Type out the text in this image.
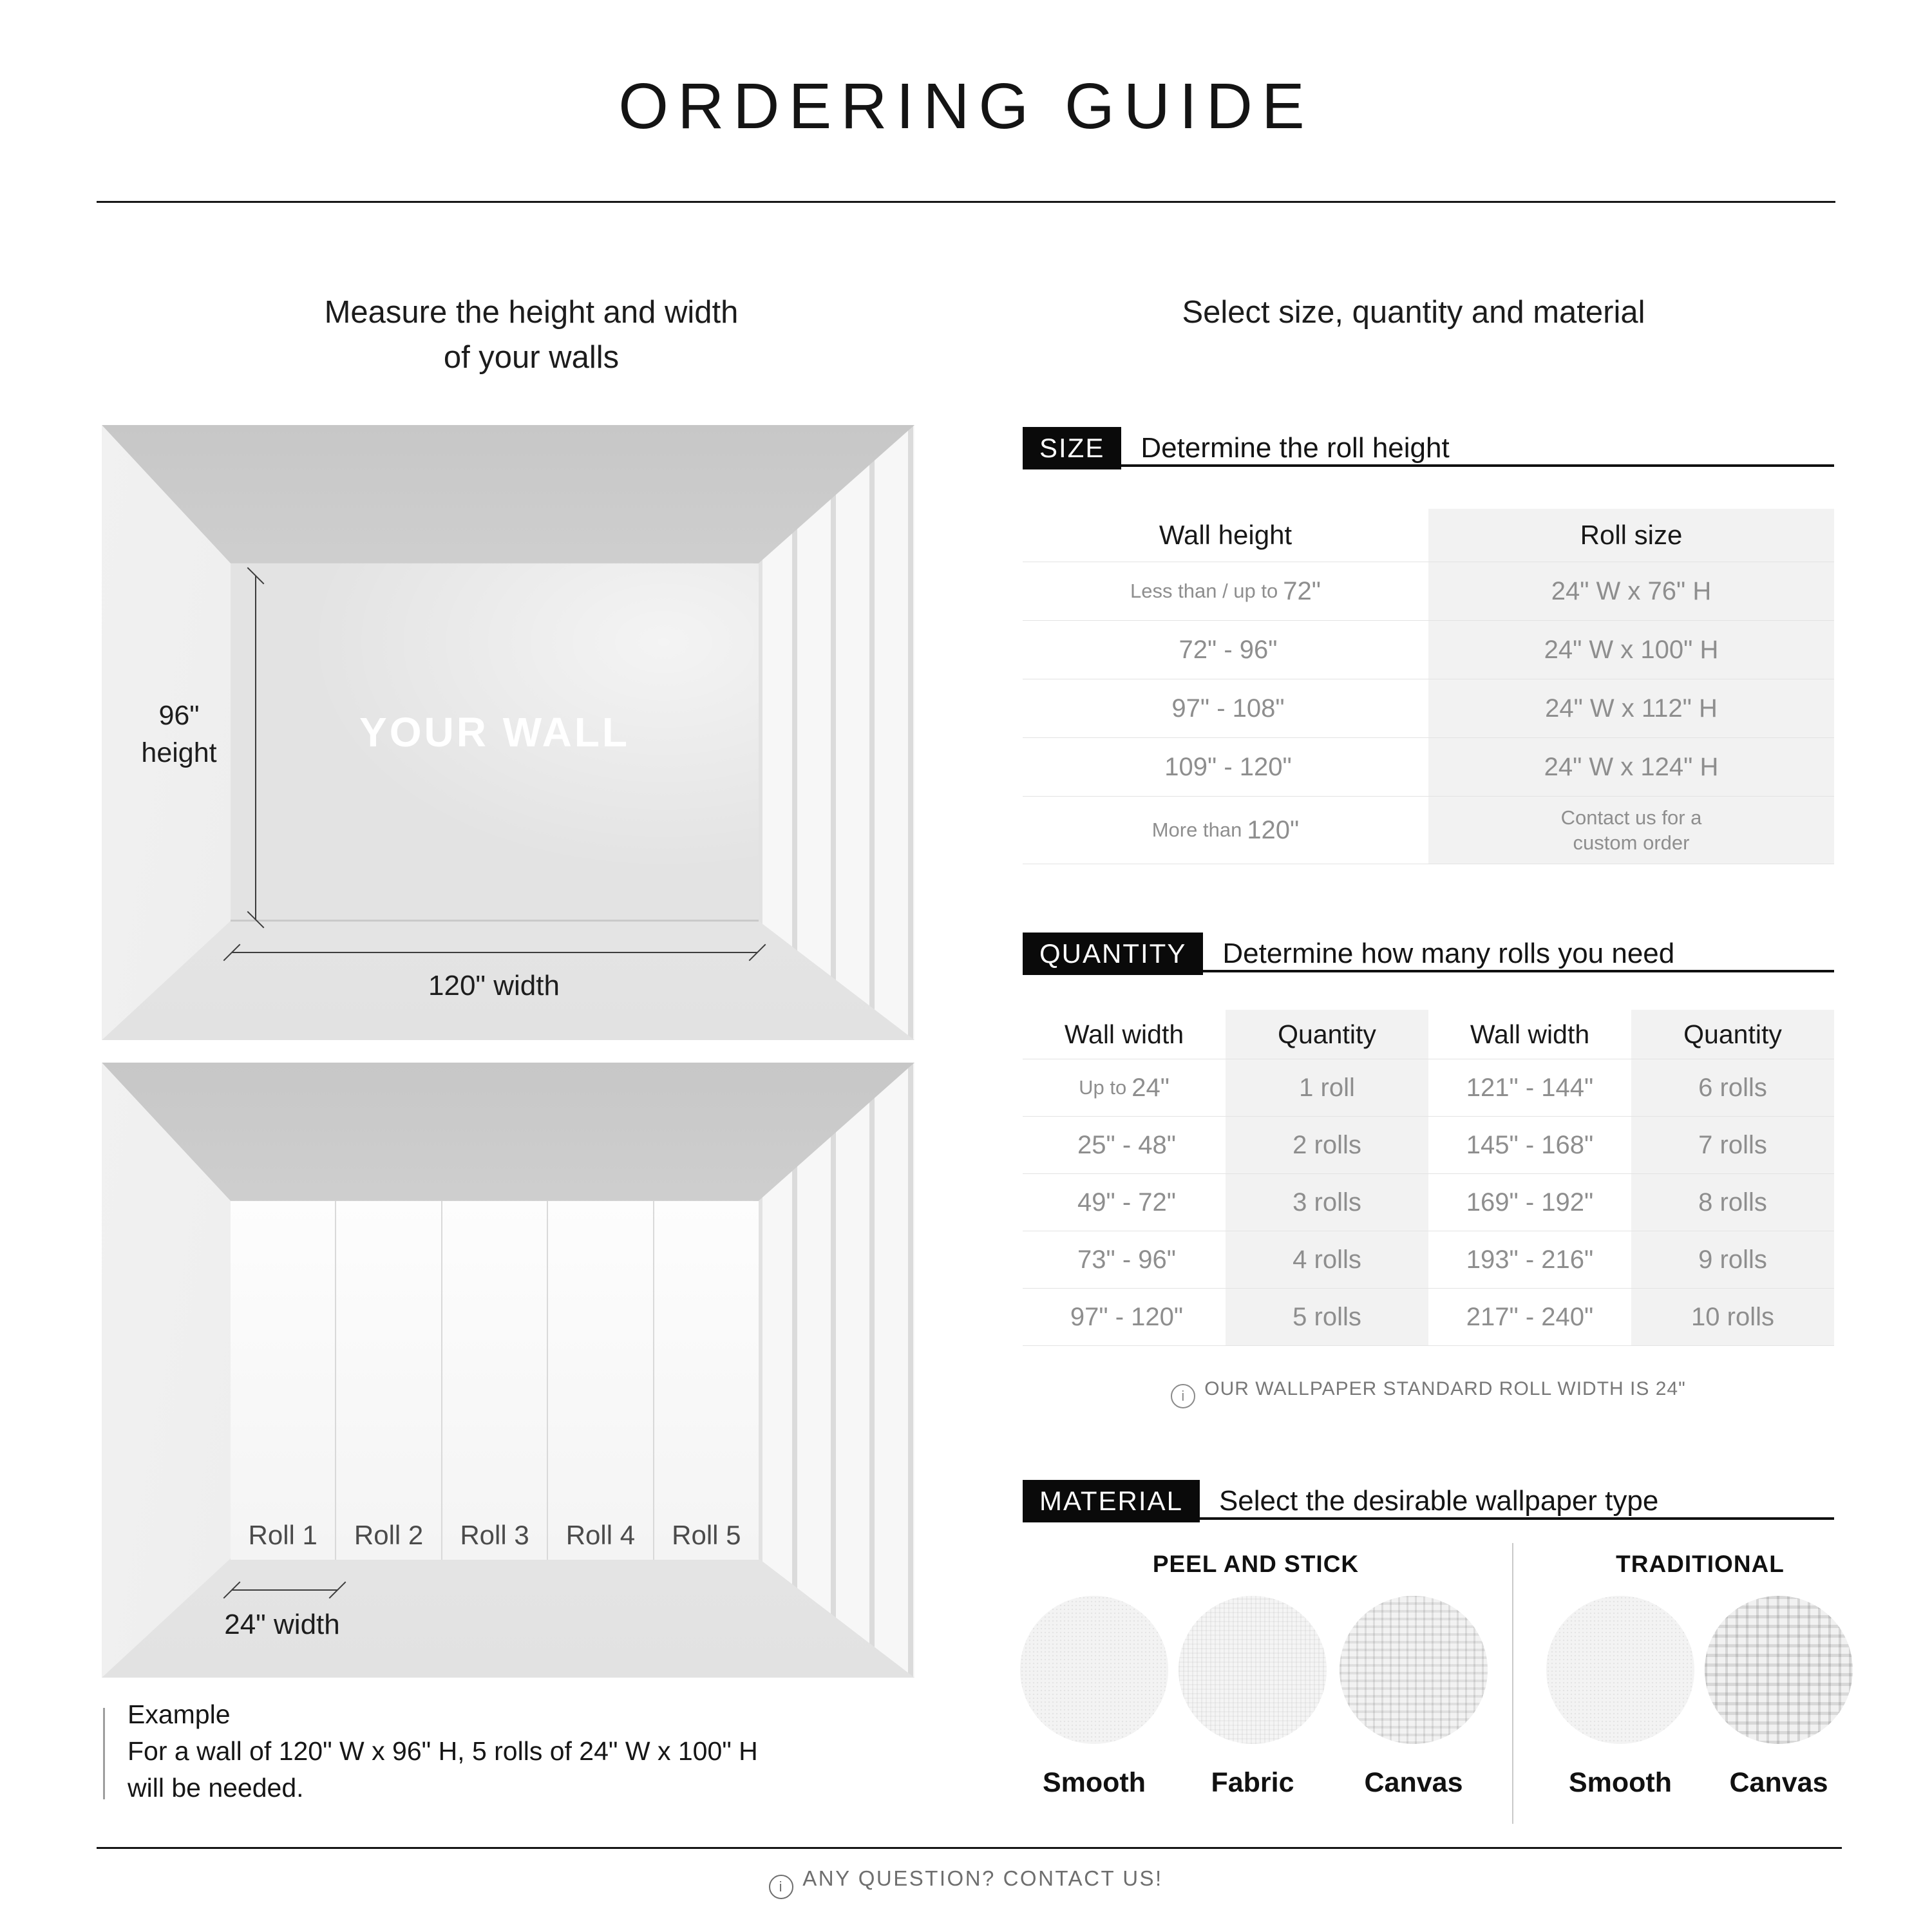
ORDERING GUIDE
Measure the height and width
of your walls
Select size, quantity and material
YOUR WALL
96"
height
120" width
Roll 1	Roll 2	Roll 3	Roll 4	Roll 5
24" width
Example
For a wall of 120" W x 96" H, 5 rolls of 24" W x 100" H
will be needed.
SIZE	Determine the roll height
Wall height	Roll size
Less than / up to 72"	24" W x 76" H
72" - 96"	24" W x 100" H
97" - 108"	24" W x 112" H
109" - 120"	24" W x 124" H
More than 120"	Contact us for a
custom order
QUANTITY	Determine how many rolls you need
Wall width	Quantity	Wall width	Quantity
Up to 24"	1 roll	121" - 144"	6 rolls
25" - 48"	2 rolls	145" - 168"	7 rolls
49" - 72"	3 rolls	169" - 192"	8 rolls
73" - 96"	4 rolls	193" - 216"	9 rolls
97" - 120"	5 rolls	217" - 240"	10 rolls
i OUR WALLPAPER STANDARD ROLL WIDTH IS 24"
MATERIAL	Select the desirable wallpaper type
PEEL AND STICK	TRADITIONAL
Smooth	Fabric	Canvas	Smooth	Canvas
i ANY QUESTION? CONTACT US!
